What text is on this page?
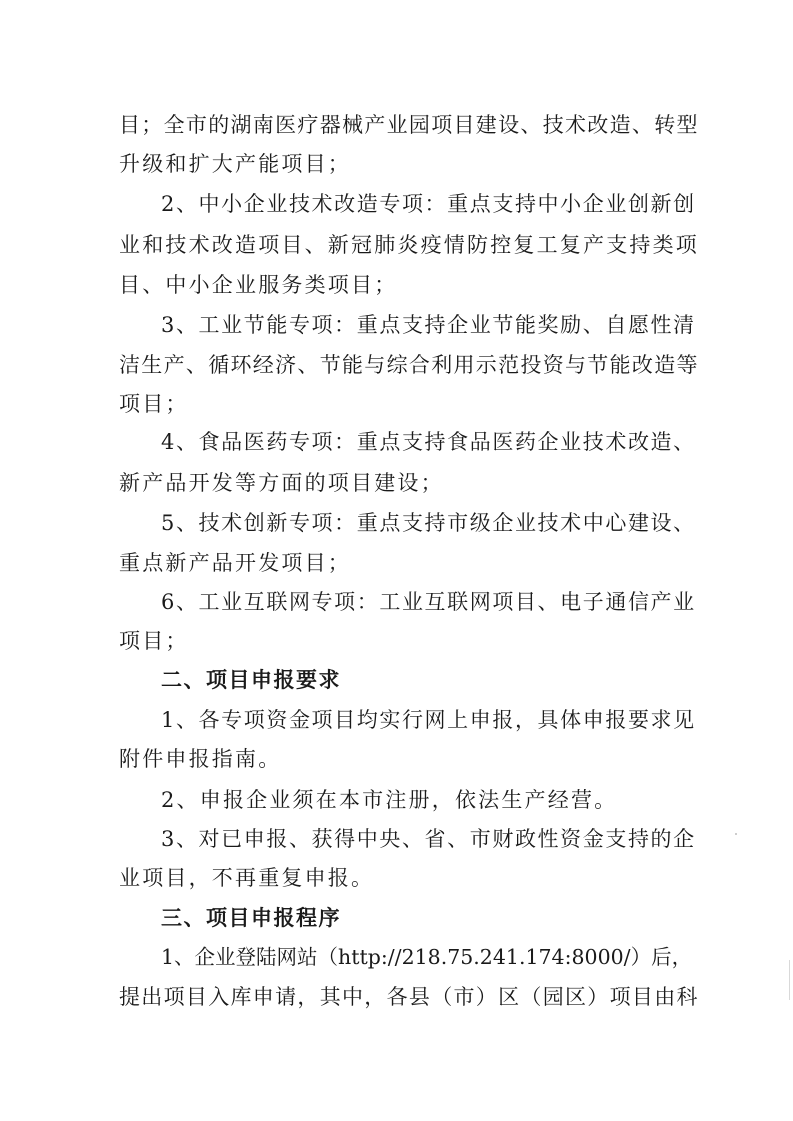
目；全市的湖南医疗器械产业园项目建设、技术改造、转型
升级和扩大产能项目；
2、中小企业技术改造专项：重点支持中小企业创新创
业和技术改造项目、新冠肺炎疫情防控复工复产支持类项
目、中小企业服务类项目；
3、工业节能专项：重点支持企业节能奖励、自愿性清
洁生产、循环经济、节能与综合利用示范投资与节能改造等
项目；
4、食品医药专项：重点支持食品医药企业技术改造、
新产品开发等方面的项目建设；
5、技术创新专项：重点支持市级企业技术中心建设、
重点新产品开发项目；
6、工业互联网专项：工业互联网项目、电子通信产业
项目；
二、项目申报要求
1、各专项资金项目均实行网上申报，具体申报要求见
附件申报指南。
2、申报企业须在本市注册，依法生产经营。
3、对已申报、获得中央、省、市财政性资金支持的企
业项目，不再重复申报。
三、项目申报程序
1、企业登陆网站（http://218.75.241.174:8000/）后，
提出项目入库申请，其中，各县（市）区（园区）项目由科
